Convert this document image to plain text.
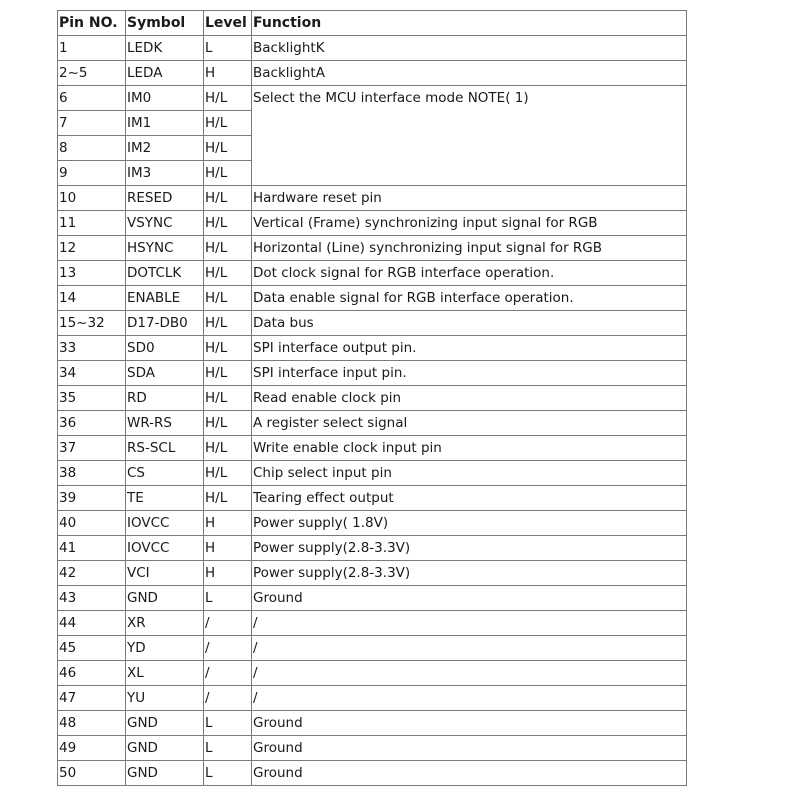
Pin NO.	Symbol	Level	Function
1	LEDK	L	BacklightK
2~5	LEDA	H	BacklightA
6	IM0	H/L	Select the MCU interface mode NOTE( 1)
7	IM1	H/L	
8	IM2	H/L	
9	IM3	H/L	
10	RESED	H/L	Hardware reset pin
11	VSYNC	H/L	Vertical (Frame) synchronizing input signal for RGB
12	HSYNC	H/L	Horizontal (Line) synchronizing input signal for RGB
13	DOTCLK	H/L	Dot clock signal for RGB interface operation.
14	ENABLE	H/L	Data enable signal for RGB interface operation.
15~32	D17-DB0	H/L	Data bus
33	SD0	H/L	SPI interface output pin.
34	SDA	H/L	SPI interface input pin.
35	RD	H/L	Read enable clock pin
36	WR-RS	H/L	A register select signal
37	RS-SCL	H/L	Write enable clock input pin
38	CS	H/L	Chip select input pin
39	TE	H/L	Tearing effect output
40	IOVCC	H	Power supply( 1.8V)
41	IOVCC	H	Power supply(2.8-3.3V)
42	VCI	H	Power supply(2.8-3.3V)
43	GND	L	Ground
44	XR	/	/
45	YD	/	/
46	XL	/	/
47	YU	/	/
48	GND	L	Ground
49	GND	L	Ground
50	GND	L	Ground
